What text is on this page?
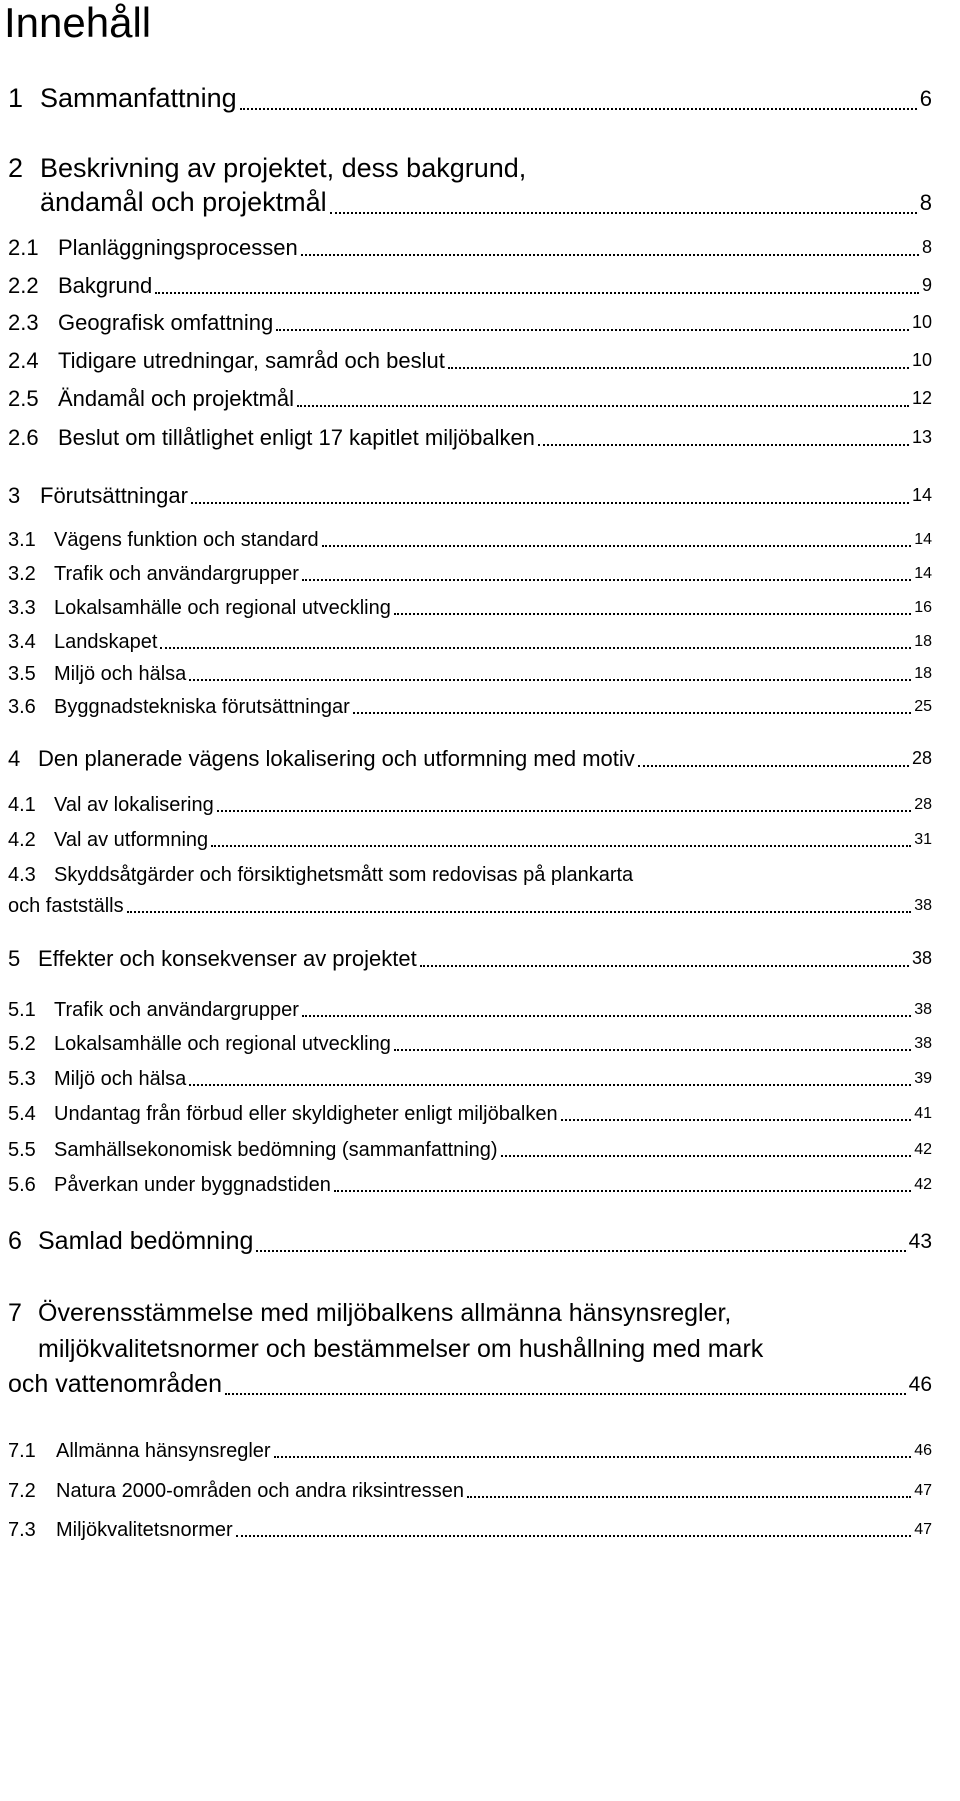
Innehåll
1 Sammanfattning	6
2 Beskrivning av projektet, dess bakgrund,
ändamål och projektmål	8
2.1 Planläggningsprocessen	8
2.2 Bakgrund	9
2.3 Geografisk omfattning	10
2.4 Tidigare utredningar, samråd och beslut	10
2.5 Ändamål och projektmål	12
2.6 Beslut om tillåtlighet enligt 17 kapitlet miljöbalken	13
3 Förutsättningar	14
3.1 Vägens funktion och standard	14
3.2 Trafik och användargrupper	14
3.3 Lokalsamhälle och regional utveckling	16
3.4 Landskapet	18
3.5 Miljö och hälsa	18
3.6 Byggnadstekniska förutsättningar	25
4 Den planerade vägens lokalisering och utformning med motiv	28
4.1 Val av lokalisering	28
4.2 Val av utformning	31
4.3 Skyddsåtgärder och försiktighetsmått som redovisas på plankarta
och fastställs	38
5 Effekter och konsekvenser av projektet	38
5.1 Trafik och användargrupper	38
5.2 Lokalsamhälle och regional utveckling	38
5.3 Miljö och hälsa	39
5.4 Undantag från förbud eller skyldigheter enligt miljöbalken	41
5.5 Samhällsekonomisk bedömning (sammanfattning)	42
5.6 Påverkan under byggnadstiden	42
6 Samlad bedömning	43
7 Överensstämmelse med miljöbalkens allmänna hänsynsregler,
miljökvalitetsnormer och bestämmelser om hushållning med mark
och vattenområden	46
7.1	Allmänna hänsynsregler	46
7.2	Natura 2000-områden och andra riksintressen	47
7.3	Miljökvalitetsnormer	47
